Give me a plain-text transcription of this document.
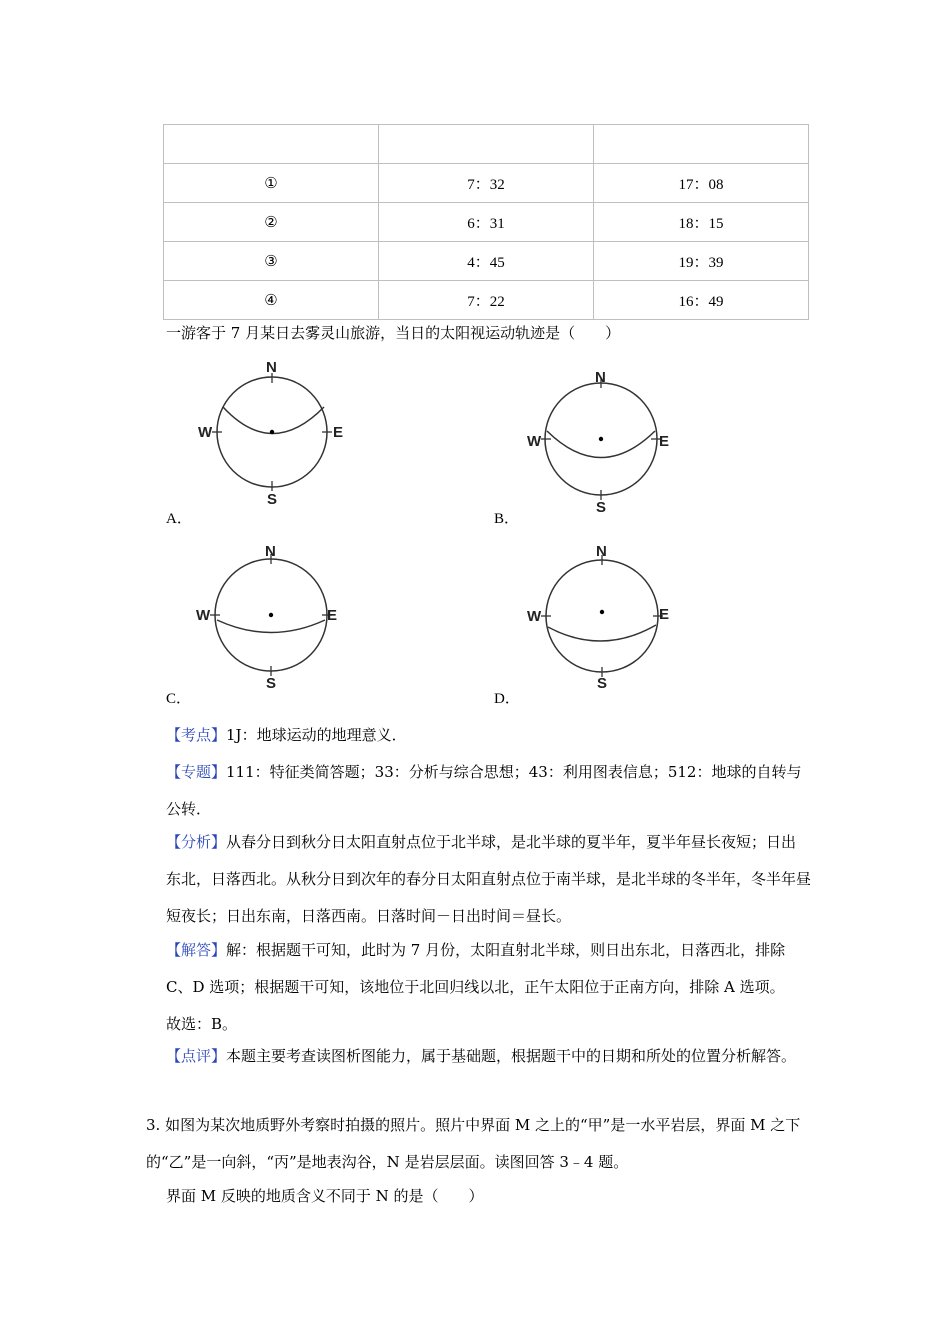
①	7：32	17：08
②	6：31	18：15
③	4：45	19：39
④	7：22	16：49
一游客于 7 月某日去雾灵山旅游，当日的太阳视运动轨迹是（　　）
N
S
W	E
A．
N
S
W	E
B．
N
S
W	E
C．
N
S
W	E
D．
【考点】1J：地球运动的地理意义．
【专题】111：特征类简答题；33：分析与综合思想；43：利用图表信息；512：地球的自转与公转．
【分析】从春分日到秋分日太阳直射点位于北半球，是北半球的夏半年，夏半年昼长夜短；日出东北，日落西北。从秋分日到次年的春分日太阳直射点位于南半球，是北半球的冬半年，冬半年昼短夜长；日出东南，日落西南。日落时间－日出时间＝昼长。
【解答】解：根据题干可知，此时为 7 月份，太阳直射北半球，则日出东北，日落西北，排除 C、D 选项；根据题干可知，该地位于北回归线以北，正午太阳位于正南方向，排除 A 选项。
故选：B。
【点评】本题主要考查读图析图能力，属于基础题，根据题干中的日期和所处的位置分析解答。
3. 如图为某次地质野外考察时拍摄的照片。照片中界面 M 之上的“甲”是一水平岩层，界面 M 之下的“乙”是一向斜，“丙”是地表沟谷，N 是岩层层面。读图回答 3﹣4 题。
界面 M 反映的地质含义不同于 N 的是（　　）
